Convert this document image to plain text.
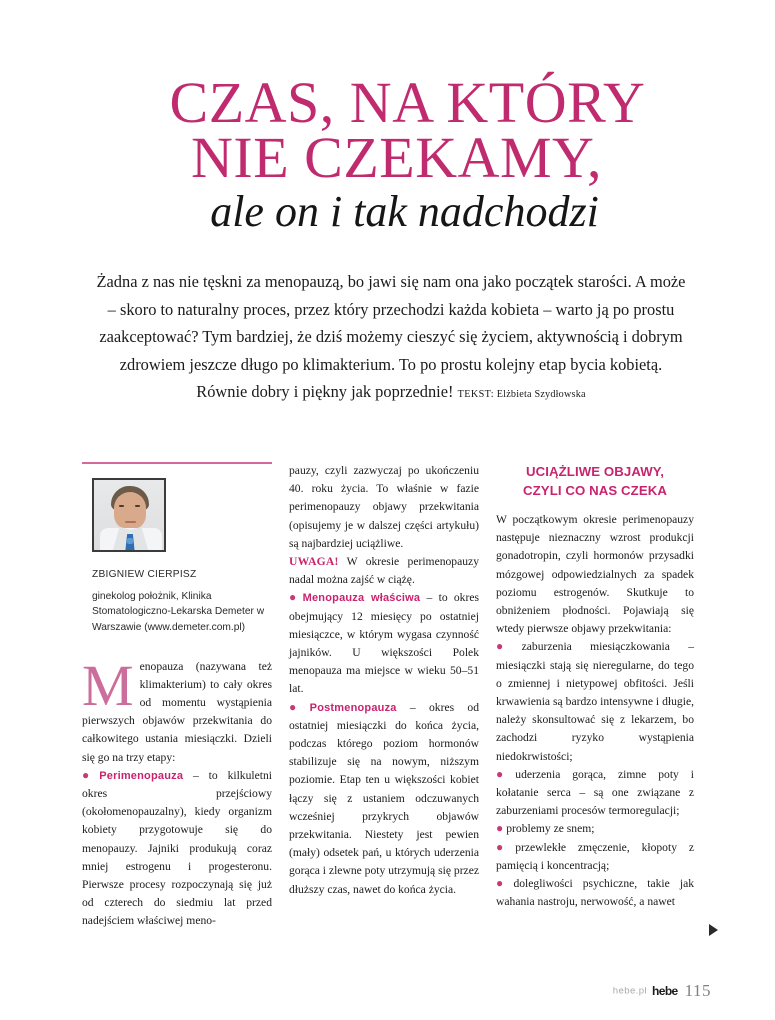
CZAS, NA KTÓRY
NIE CZEKAMY,
ale on i tak nadchodzi
Żadna z nas nie tęskni za menopauzą, bo jawi się nam ona jako początek starości. A może – skoro to naturalny proces, przez który przechodzi każda kobieta – warto ją po prostu zaakceptować? Tym bardziej, że dziś możemy cieszyć się życiem, aktywnością i dobrym zdrowiem jeszcze długo po klimakterium. To po prostu kolejny etap bycia kobietą. Równie dobry i piękny jak poprzednie! TEKST: Elżbieta Szydłowska
ZBIGNIEW CIERPISZ
ginekolog położnik, Klinika Stomatologiczno-Lekarska Demeter w Warszawie (www.demeter.com.pl)

Menopauza (nazywana też klimakterium) to cały okres od momentu wystąpienia pierwszych objawów przekwitania do całkowitego ustania miesiączki. Dzieli się go na trzy etapy:

● Perimenopauza – to kilkuletni okres przejściowy (okołomenopauzalny), kiedy organizm kobiety przygotowuje się do menopauzy. Jajniki produkują coraz mniej estrogenu i progesteronu. Pierwsze procesy rozpoczynają się już od czterech do siedmiu lat przed nadejściem właściwej meno-

pauzy, czyli zazwyczaj po ukończeniu 40. roku życia. To właśnie w fazie perimenopauzy objawy przekwitania (opisujemy je w dalszej części artykułu) są najbardziej uciążliwe.

UWAGA! W okresie perimenopauzy nadal można zajść w ciążę.

● Menopauza właściwa – to okres obejmujący 12 miesięcy po ostatniej miesiączce, w którym wygasa czynność jajników. U większości Polek menopauza ma miejsce w wieku 50–51 lat.

● Postmenopauza – okres od ostatniej miesiączki do końca życia, podczas którego poziom hormonów stabilizuje się na nowym, niższym poziomie. Etap ten u większości kobiet łączy się z ustaniem odczuwanych wcześniej przykrych objawów przekwitania. Niestety jest pewien (mały) odsetek pań, u których uderzenia gorąca i zlewne poty utrzymują się przez dłuższy czas, nawet do końca życia.

UCIĄŻLIWE OBJAWY,
CZYLI CO NAS CZEKA

W początkowym okresie perimenopauzy następuje nieznaczny wzrost produkcji gonadotropin, czyli hormonów przysadki mózgowej odpowiedzialnych za spadek poziomu estrogenów. Skutkuje to obniżeniem płodności. Pojawiają się wtedy pierwsze objawy przekwitania:

● zaburzenia miesiączkowania – miesiączki stają się nieregularne, do tego o zmiennej i nietypowej obfitości. Jeśli krwawienia są bardzo intensywne i długie, należy skonsultować się z lekarzem, bo zachodzi ryzyko wystąpienia niedokrwistości;

● uderzenia gorąca, zimne poty i kołatanie serca – są one związane z zaburzeniami procesów termoregulacji;

● problemy ze snem;

● przewlekłe zmęczenie, kłopoty z pamięcią i koncentracją;

● dolegliwości psychiczne, takie jak wahania nastroju, nerwowość, a nawet

hebe.pl hebe 115
